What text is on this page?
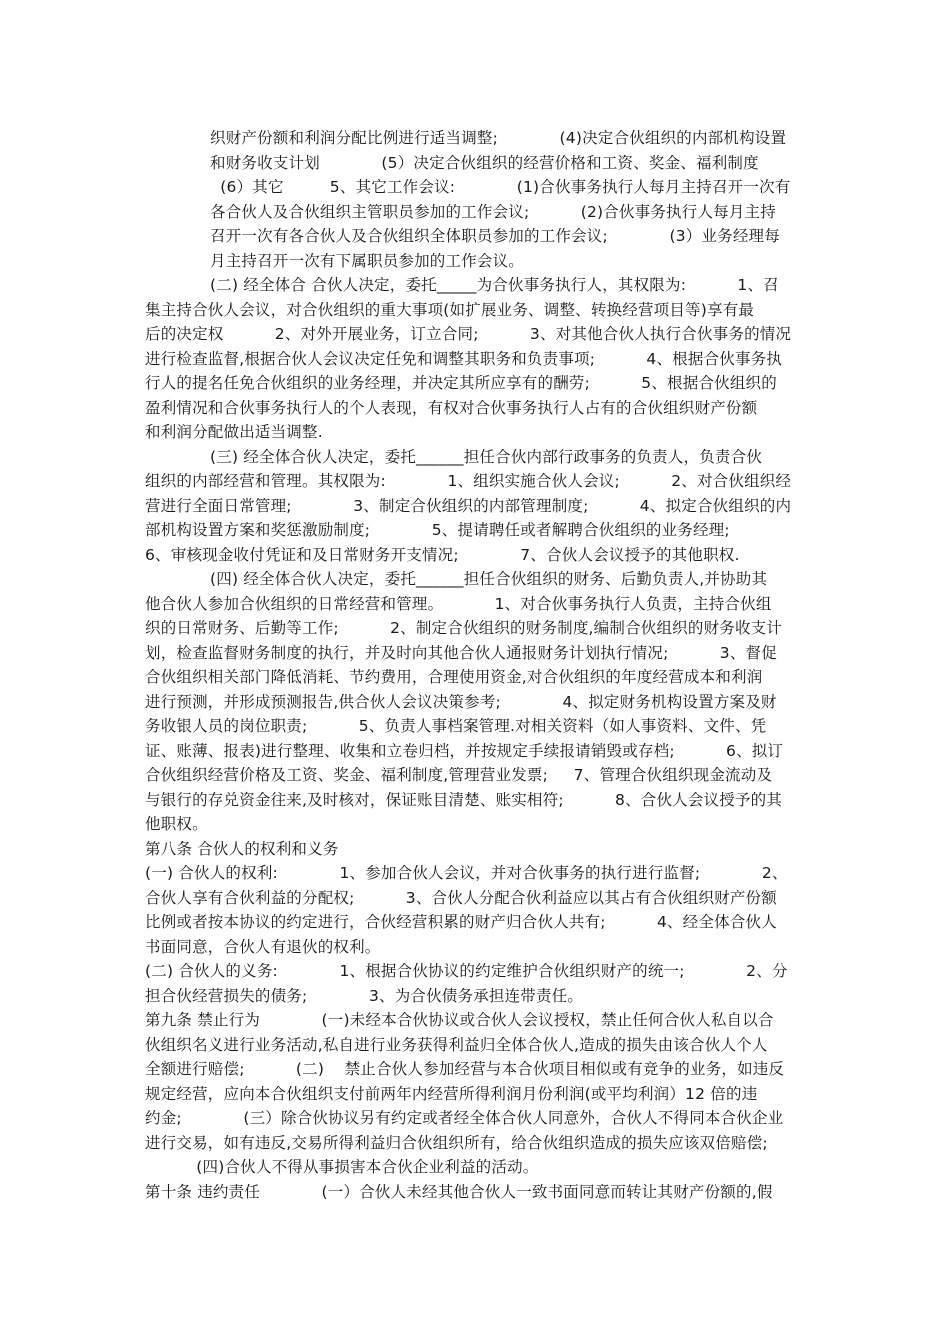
织财产份额和利润分配比例进行适当调整;            (4)决定合伙组织的内部机构设置

和财务收支计划            (5）决定合伙组织的经营价格和工资、奖金、福利制度

(6）其它         5、其它工作会议:            (1)合伙事务执行人每月主持召开一次有

各合伙人及合伙组织主管职员参加的工作会议;          (2)合伙事务执行人每月主持

召开一次有各合伙人及合伙组织全体职员参加的工作会议;            (3）业务经理每

月主持召开一次有下属职员参加的工作会议。

(二) 经全体合 合伙人决定，委托_____为合伙事务执行人，其权限为:          1、召

集主持合伙人会议，对合伙组织的重大事项(如扩展业务、调整、转换经营项目等)享有最

后的决定权          2、对外开展业务，订立合同;          3、对其他合伙人执行合伙事务的情况

进行检查监督,根据合伙人会议决定任免和调整其职务和负责事项;          4、根据合伙事务执

行人的提名任免合伙组织的业务经理，并决定其所应享有的酬劳;          5、根据合伙组织的

盈利情况和合伙事务执行人的个人表现，有权对合伙事务执行人占有的合伙组织财产份额

和利润分配做出适当调整.

(三) 经全体合伙人决定，委托______担任合伙内部行政事务的负责人，负责合伙

组织的内部经营和管理。其权限为:            1、组织实施合伙人会议;          2、对合伙组织经

营进行全面日常管理;            3、制定合伙组织的内部管理制度;          4、拟定合伙组织的内

部机构设置方案和奖惩激励制度;            5、提请聘任或者解聘合伙组织的业务经理;

6、审核现金收付凭证和及日常财务开支情况;            7、合伙人会议授予的其他职权.

(四) 经全体合伙人决定，委托______担任合伙组织的财务、后勤负责人,并协助其

他合伙人参加合伙组织的日常经营和管理。          1、对合伙事务执行人负责，主持合伙组

织的日常财务、后勤等工作;          2、制定合伙组织的财务制度,编制合伙组织的财务收支计

划，检查监督财务制度的执行，并及时向其他合伙人通报财务计划执行情况;          3、督促

合伙组织相关部门降低消耗、节约费用，合理使用资金,对合伙组织的年度经营成本和利润

进行预测，并形成预测报告,供合伙人会议决策参考;            4、拟定财务机构设置方案及财

务收银人员的岗位职责;          5、负责人事档案管理.对相关资料（如人事资料、文件、凭

证、账薄、报表)进行整理、收集和立卷归档，并按规定手续报请销毁或存档;          6、拟订

合伙组织经营价格及工资、奖金、福利制度,管理营业发票;     7、管理合伙组织现金流动及

与银行的存兑资金往来,及时核对，保证账目清楚、账实相符;          8、合伙人会议授予的其

他职权。

第八条 合伙人的权利和义务

(一) 合伙人的权利:            1、参加合伙人会议，并对合伙事务的执行进行监督;            2、

合伙人享有合伙利益的分配权;          3、合伙人分配合伙利益应以其占有合伙组织财产份额

比例或者按本协议的约定进行，合伙经营积累的财产归合伙人共有;          4、经全体合伙人

书面同意，合伙人有退伙的权利。

(二) 合伙人的义务:            1、根据合伙协议的约定维护合伙组织财产的统一;            2、分

担合伙经营损失的债务;            3、为合伙债务承担连带责任。

第九条 禁止行为            (一)未经本合伙协议或合伙人会议授权，禁止任何合伙人私自以合

伙组织名义进行业务活动,私自进行业务获得利益归全体合伙人,造成的损失由该合伙人个人

全额进行赔偿;          (二)    禁止合伙人参加经营与本合伙项目相似或有竞争的业务，如违反

规定经营，应向本合伙组织支付前两年内经营所得利润月份利润(或平均利润）12 倍的违

约金;            (三）除合伙协议另有约定或者经全体合伙人同意外，合伙人不得同本合伙企业

进行交易，如有违反,交易所得利益归合伙组织所有，给合伙组织造成的损失应该双倍赔偿;

(四)合伙人不得从事损害本合伙企业利益的活动。

第十条 违约责任            (一）合伙人未经其他合伙人一致书面同意而转让其财产份额的,假
